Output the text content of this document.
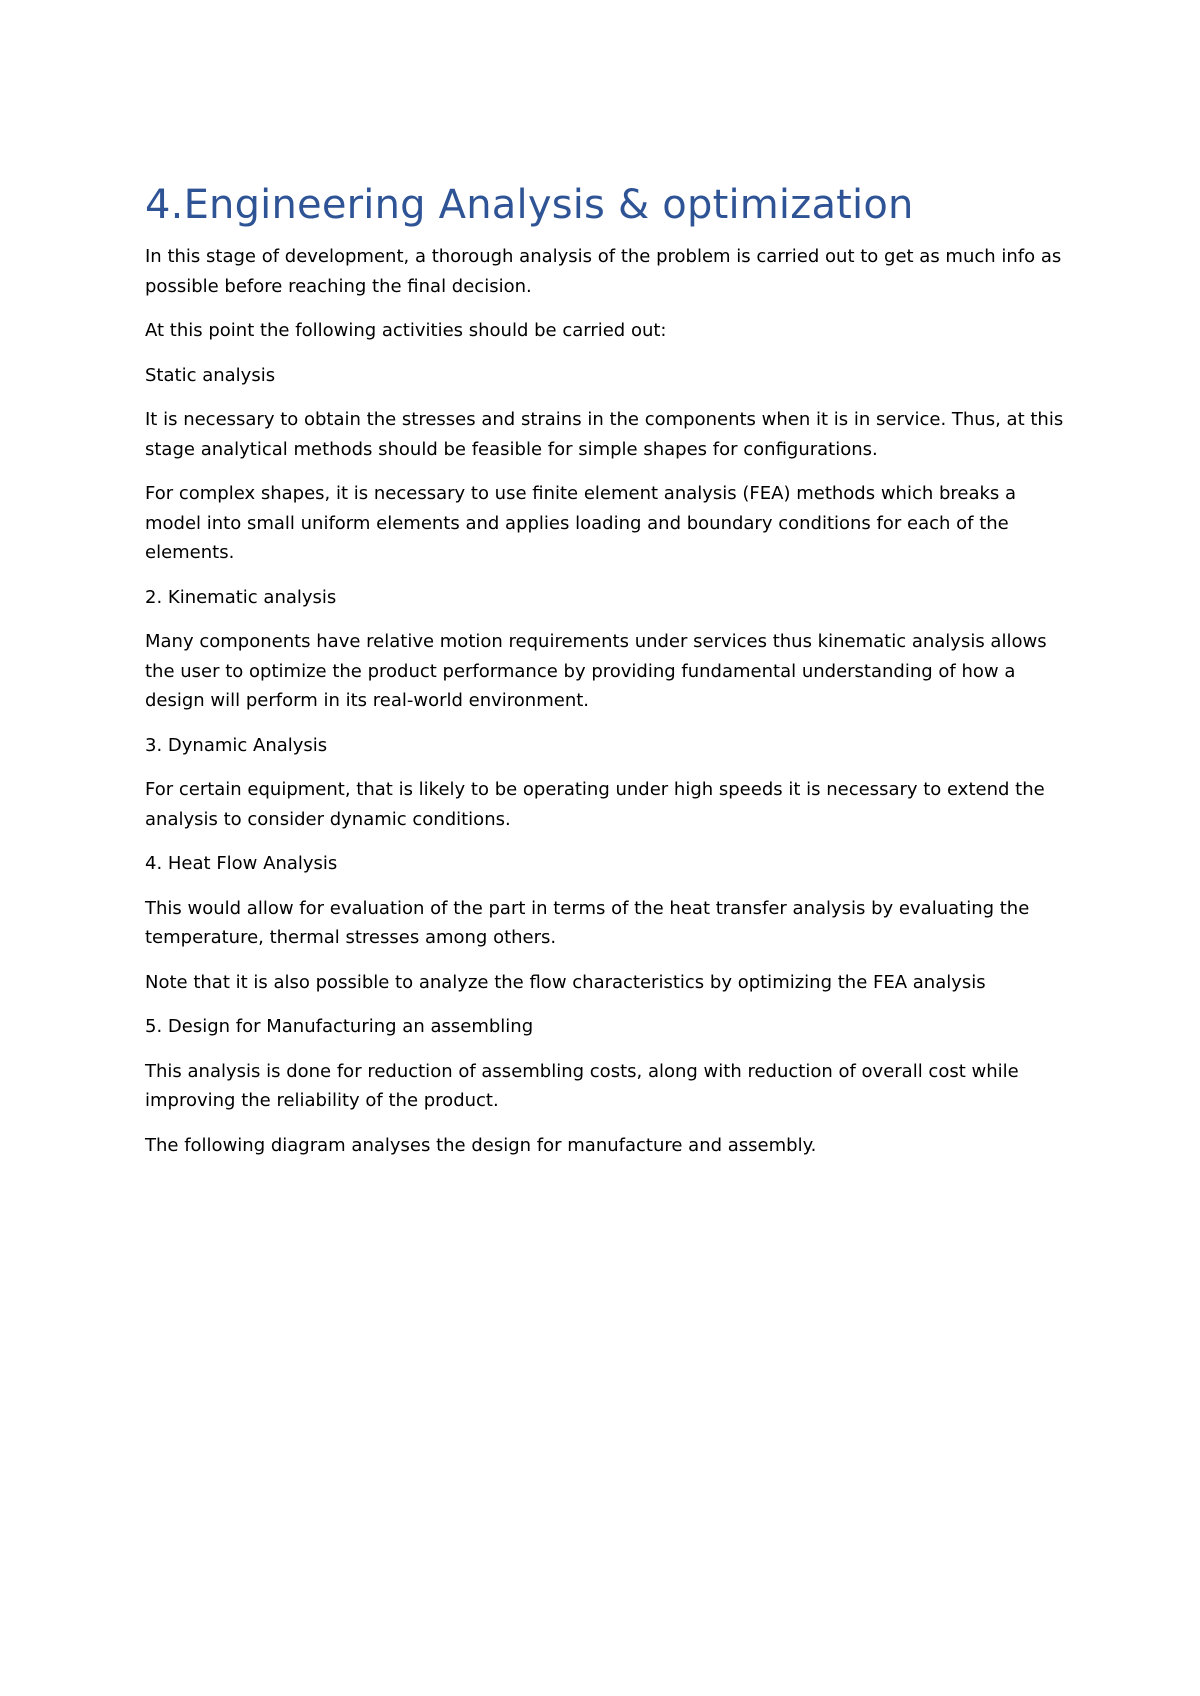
4.Engineering Analysis & optimization

In this stage of development, a thorough analysis of the problem is carried out to get as much info as possible before reaching the final decision.

At this point the following activities should be carried out:

Static analysis

It is necessary to obtain the stresses and strains in the components when it is in service. Thus, at this stage analytical methods should be feasible for simple shapes for configurations.

For complex shapes, it is necessary to use finite element analysis (FEA) methods which breaks a model into small uniform elements and applies loading and boundary conditions for each of the elements.

2. Kinematic analysis

Many components have relative motion requirements under services thus kinematic analysis allows the user to optimize the product performance by providing fundamental understanding of how a design will perform in its real-world environment.

3. Dynamic Analysis

For certain equipment, that is likely to be operating under high speeds it is necessary to extend the analysis to consider dynamic conditions.

4. Heat Flow Analysis

This would allow for evaluation of the part in terms of the heat transfer analysis by evaluating the temperature, thermal stresses among others.

Note that it is also possible to analyze the flow characteristics by optimizing the FEA analysis

5. Design for Manufacturing an assembling

This analysis is done for reduction of assembling costs, along with reduction of overall cost while improving the reliability of the product.

The following diagram analyses the design for manufacture and assembly.
